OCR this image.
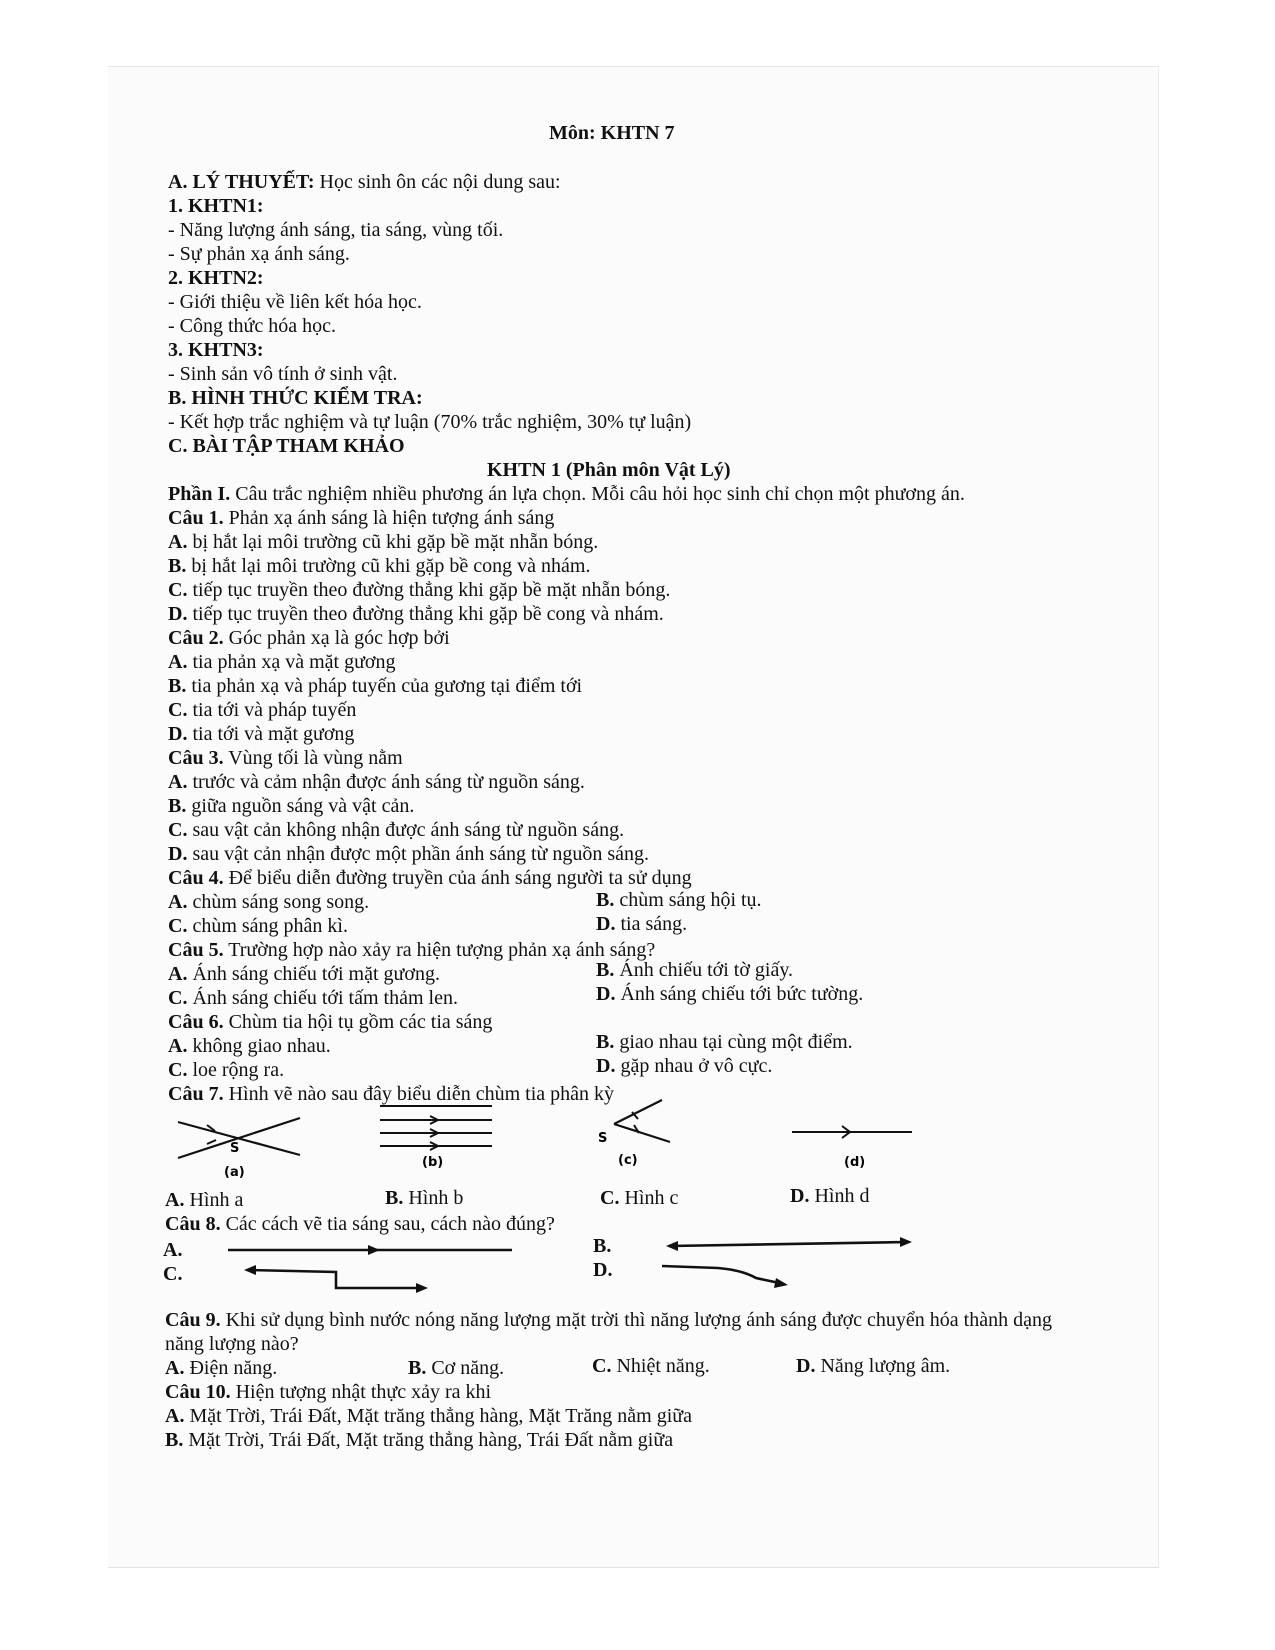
Môn: KHTN 7
A. LÝ THUYẾT: Học sinh ôn các nội dung sau:
1. KHTN1:
- Năng lượng ánh sáng, tia sáng, vùng tối.
- Sự phản xạ ánh sáng.
2. KHTN2:
- Giới thiệu về liên kết hóa học.
- Công thức hóa học.
3. KHTN3:
- Sinh sản vô tính ở sinh vật.
B. HÌNH THỨC KIỂM TRA:
- Kết hợp trắc nghiệm và tự luận (70% trắc nghiệm, 30% tự luận)
C. BÀI TẬP THAM KHẢO
KHTN 1 (Phân môn Vật Lý)
Phần I. Câu trắc nghiệm nhiều phương án lựa chọn. Mỗi câu hỏi học sinh chỉ chọn một phương án.
Câu 1. Phản xạ ánh sáng là hiện tượng ánh sáng
A. bị hắt lại môi trường cũ khi gặp bề mặt nhẵn bóng.
B. bị hắt lại môi trường cũ khi gặp bề cong và nhám.
C. tiếp tục truyền theo đường thẳng khi gặp bề mặt nhẵn bóng.
D. tiếp tục truyền theo đường thẳng khi gặp bề cong và nhám.
Câu 2. Góc phản xạ là góc hợp bởi
A. tia phản xạ và mặt gương
B. tia phản xạ và pháp tuyến của gương tại điểm tới
C. tia tới và pháp tuyến
D. tia tới và mặt gương
Câu 3. Vùng tối là vùng nằm
A. trước và cảm nhận được ánh sáng từ nguồn sáng.
B. giữa nguồn sáng và vật cản.
C. sau vật cản không nhận được ánh sáng từ nguồn sáng.
D. sau vật cản nhận được một phần ánh sáng từ nguồn sáng.
Câu 4. Để biểu diễn đường truyền của ánh sáng người ta sử dụng
A. chùm sáng song song.	B. chùm sáng hội tụ.
C. chùm sáng phân kì.	D. tia sáng.
Câu 5. Trường hợp nào xảy ra hiện tượng phản xạ ánh sáng?
A. Ánh sáng chiếu tới mặt gương.	B. Ánh chiếu tới tờ giấy.
C. Ánh sáng chiếu tới tấm thảm len.	D. Ánh sáng chiếu tới bức tường.
Câu 6. Chùm tia hội tụ gồm các tia sáng
A. không giao nhau.	B. giao nhau tại cùng một điểm.
C. loe rộng ra.	D. gặp nhau ở vô cực.
Câu 7. Hình vẽ nào sau đây biểu diễn chùm tia phân kỳ
S
(a)
(b)
S
(c)	(d)
A. Hình a	B. Hình b	C. Hình c	D. Hình d
Câu 8. Các cách vẽ tia sáng sau, cách nào đúng?
A.	B.
C.	D.
Câu 9. Khi sử dụng bình nước nóng năng lượng mặt trời thì năng lượng ánh sáng được chuyển hóa thành dạng
năng lượng nào?
A. Điện năng.	B. Cơ năng.	C. Nhiệt năng.	D. Năng lượng âm.
Câu 10. Hiện tượng nhật thực xảy ra khi
A. Mặt Trời, Trái Đất, Mặt trăng thẳng hàng, Mặt Trăng nằm giữa
B. Mặt Trời, Trái Đất, Mặt trăng thẳng hàng, Trái Đất nằm giữa
